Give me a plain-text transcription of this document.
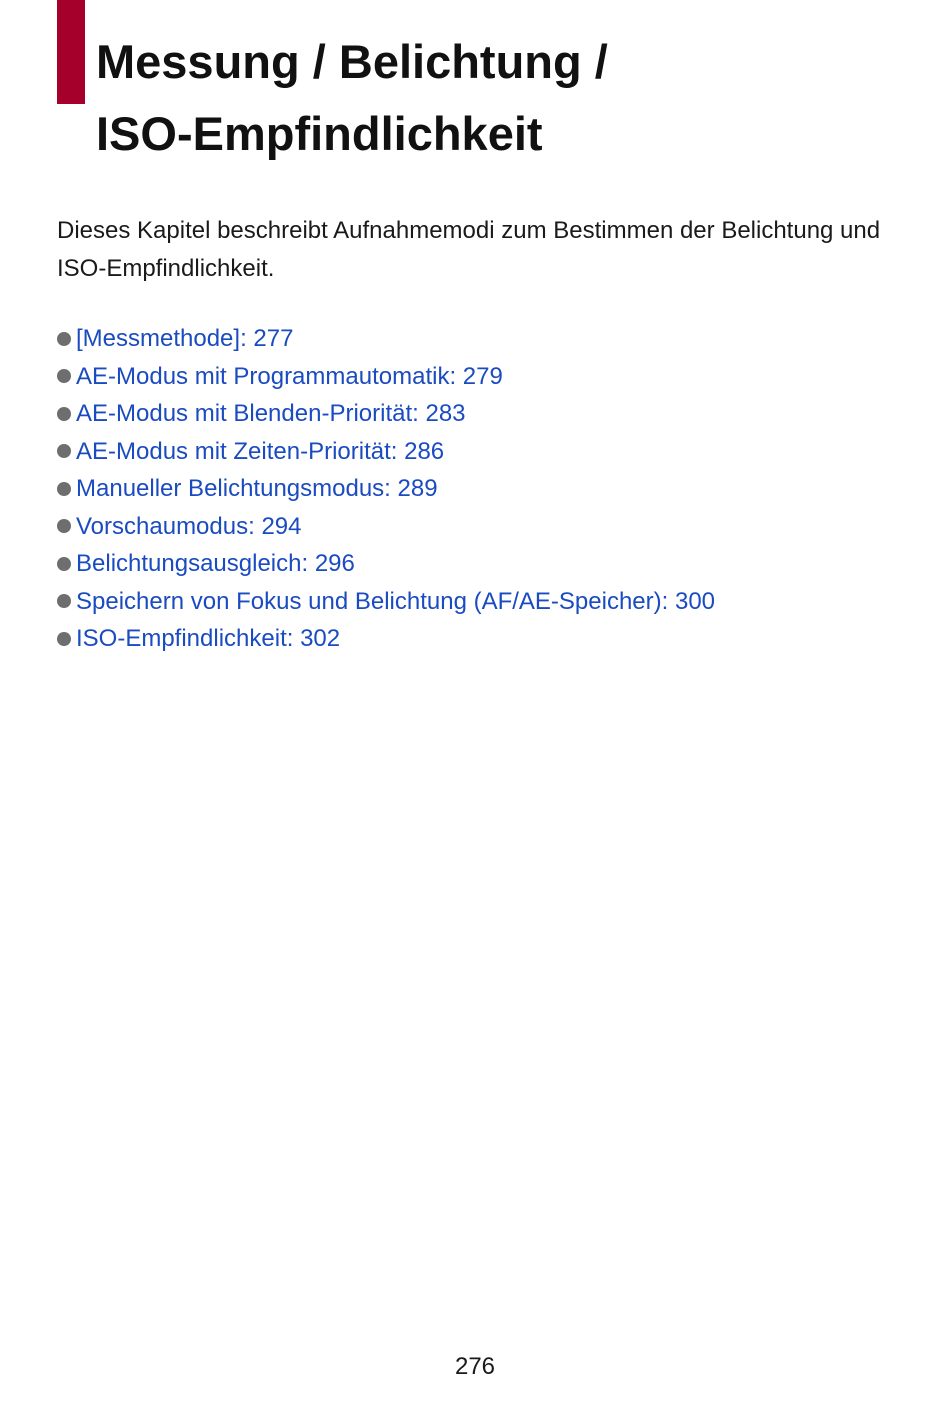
Messung / Belichtung /
ISO-Empfindlichkeit

Dieses Kapitel beschreibt Aufnahmemodi zum Bestimmen der Belichtung und ISO-Empfindlichkeit.

[Messmethode]: 277
AE-Modus mit Programmautomatik: 279
AE-Modus mit Blenden-Priorität: 283
AE-Modus mit Zeiten-Priorität: 286
Manueller Belichtungsmodus: 289
Vorschaumodus: 294
Belichtungsausgleich: 296
Speichern von Fokus und Belichtung (AF/AE-Speicher): 300
ISO-Empfindlichkeit: 302
276
